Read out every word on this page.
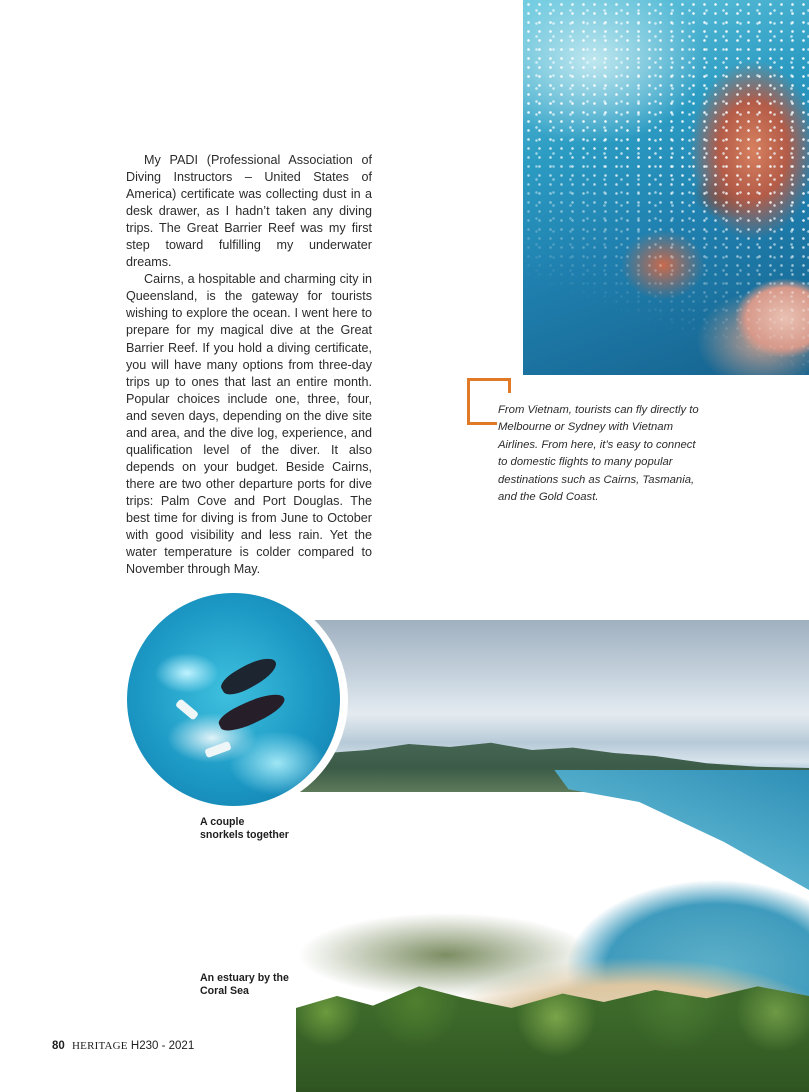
My PADI (Professional Association of Diving Instructors – United States of America) certificate was collecting dust in a desk drawer, as I hadn’t taken any diving trips. The Great Barrier Reef was my first step toward fulfilling my underwater dreams.

Cairns, a hospitable and charming city in Queensland, is the gateway for tourists wishing to explore the ocean. I went here to prepare for my magical dive at the Great Barrier Reef. If you hold a diving certificate, you will have many options from three-day trips up to ones that last an entire month. Popular choices include one, three, four, and seven days, depending on the dive site and area, and the dive log, experience, and qualification level of the diver. It also depends on your budget. Beside Cairns, there are two other departure ports for dive trips: Palm Cove and Port Douglas. The best time for diving is from June to October with good visibility and less rain. Yet the water temperature is colder compared to November through May.

From Vietnam, tourists can fly directly to Melbourne or Sydney with Vietnam Airlines. From here, it’s easy to connect to domestic flights to many popular destinations such as Cairns, Tasmania, and the Gold Coast.
A couple snorkels together
An estuary by the Coral Sea
80 HERITAGE H230 - 2021
